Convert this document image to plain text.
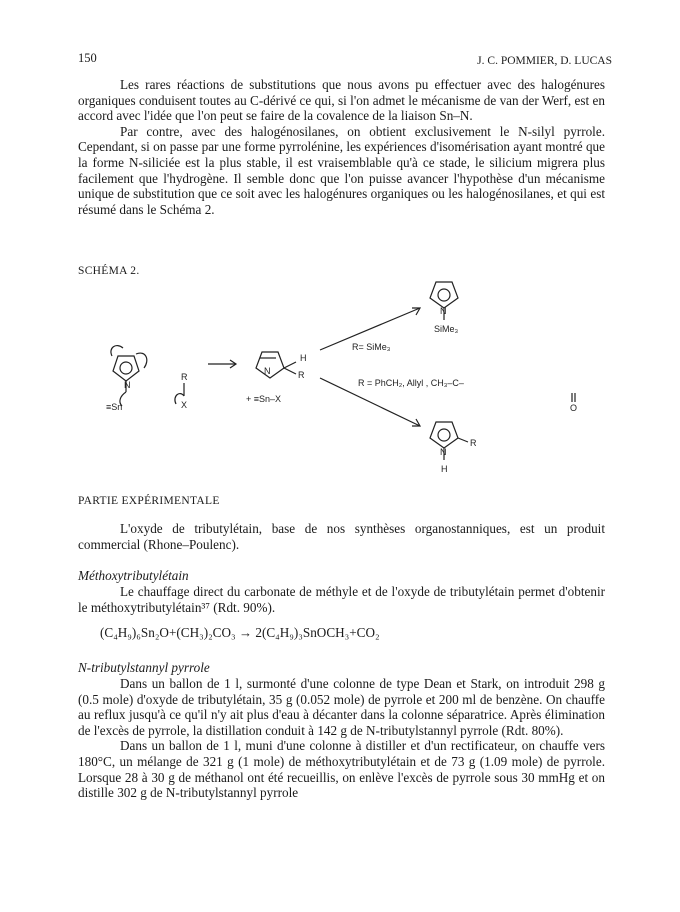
150	J. C. POMMIER, D. LUCAS

Les rares réactions de substitutions que nous avons pu effectuer avec des halogénures organiques conduisent toutes au C-dérivé ce qui, si l'on admet le mécanisme de van der Werf, est en accord avec l'idée que l'on peut se faire de la covalence de la liaison Sn–N.

Par contre, avec des halogénosilanes, on obtient exclusivement le N-silyl pyrrole. Cependant, si on passe par une forme pyrrolénine, les expériences d'isomérisation ayant montré que la forme N-siliciée est la plus stable, il est vraisemblable qu'à ce stade, le silicium migrera plus facilement que l'hydrogène. Il semble donc que l'on puisse avancer l'hypothèse d'un mécanisme unique de substitution que ce soit avec les halogénures organiques ou les halogénosilanes, et qui est résumé dans le Schéma 2.

SCHÉMA 2.
N
≡Sn
R
X
N
H
R
+ ≡Sn–X
R= SiMe₃
N
SiMe₃
R = PhCH₂, Allyl , CH₃–C–
O
N
R
H
PARTIE EXPÉRIMENTALE

L'oxyde de tributylétain, base de nos synthèses organostanniques, est un produit commercial (Rhone–Poulenc).

Méthoxytributylétain

Le chauffage direct du carbonate de méthyle et de l'oxyde de tributylétain permet d'obtenir le méthoxytributylétain³⁷ (Rdt. 90%).

(C₄H₉)₆Sn₂O+(CH₃)₂CO₃ → 2(C₄H₉)₃SnOCH₃+CO₂
N-tributylstannyl pyrrole

Dans un ballon de 1 l, surmonté d'une colonne de type Dean et Stark, on introduit 298 g (0.5 mole) d'oxyde de tributylétain, 35 g (0.052 mole) de pyrrole et 200 ml de benzène. On chauffe au reflux jusqu'à ce qu'il n'y ait plus d'eau à décanter dans la colonne séparatrice. Après élimination de l'excès de pyrrole, la distillation conduit à 142 g de N-tributylstannyl pyrrole (Rdt. 80%).

Dans un ballon de 1 l, muni d'une colonne à distiller et d'un rectificateur, on chauffe vers 180°C, un mélange de 321 g (1 mole) de méthoxytributylétain et de 73 g (1.09 mole) de pyrrole. Lorsque 28 à 30 g de méthanol ont été recueillis, on enlève l'excès de pyrrole sous 30 mmHg et on distille 302 g de N-tributylstannyl pyrrole
